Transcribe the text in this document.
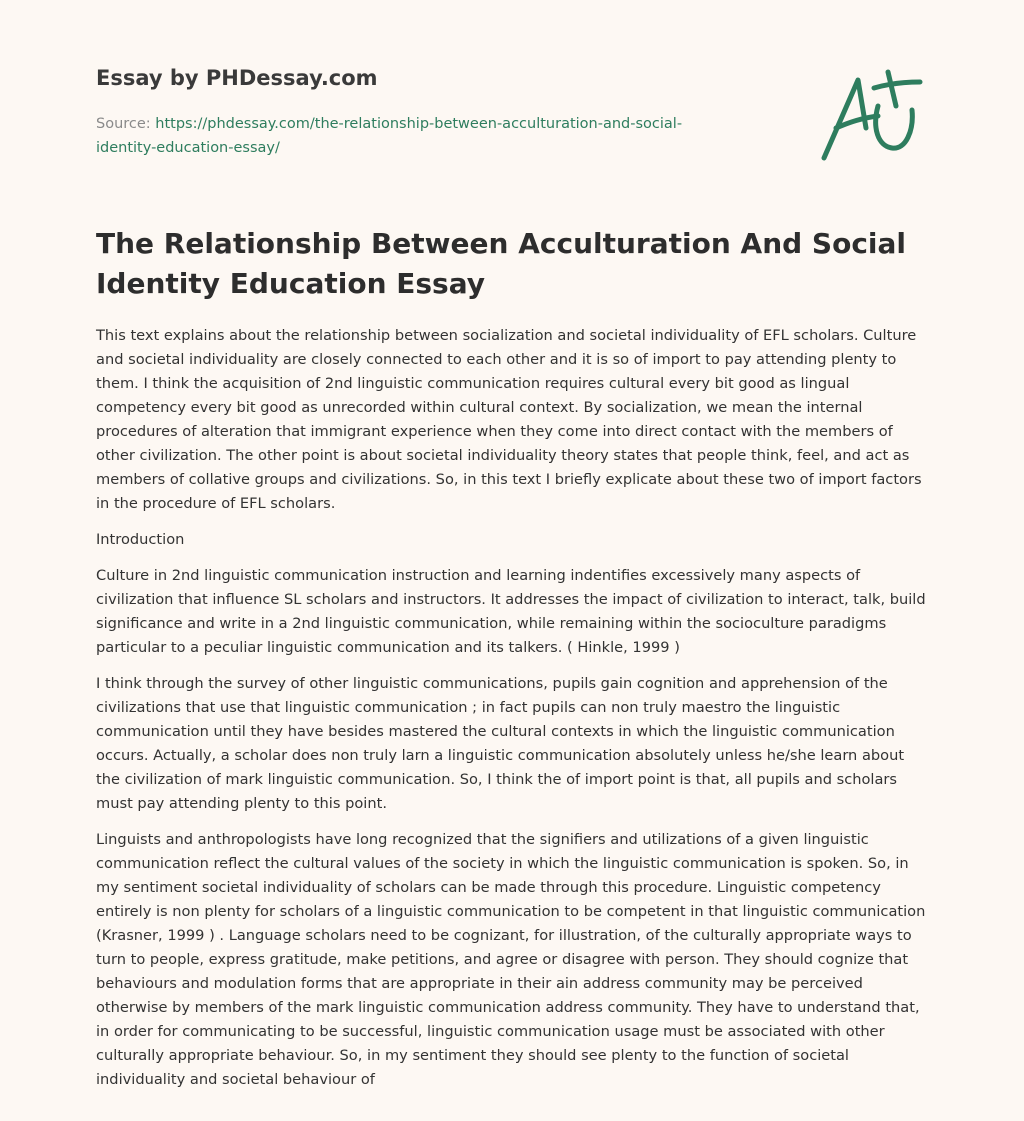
Essay by PHDessay.com
Source: https://phdessay.com/the-relationship-between-acculturation-and-social-identity-education-essay/
The Relationship Between Acculturation And Social Identity Education Essay

This text explains about the relationship between socialization and societal individuality of EFL scholars. Culture and societal individuality are closely connected to each other and it is so of import to pay attending plenty to them. I think the acquisition of 2nd linguistic communication requires cultural every bit good as lingual competency every bit good as unrecorded within cultural context. By socialization, we mean the internal procedures of alteration that immigrant experience when they come into direct contact with the members of other civilization. The other point is about societal individuality theory states that people think, feel, and act as members of collative groups and civilizations. So, in this text I briefly explicate about these two of import factors in the procedure of EFL scholars.

Introduction

Culture in 2nd linguistic communication instruction and learning indentifies excessively many aspects of civilization that influence SL scholars and instructors. It addresses the impact of civilization to interact, talk, build significance and write in a 2nd linguistic communication, while remaining within the socioculture paradigms particular to a peculiar linguistic communication and its talkers. ( Hinkle, 1999 )

I think through the survey of other linguistic communications, pupils gain cognition and apprehension of the civilizations that use that linguistic communication ; in fact pupils can non truly maestro the linguistic communication until they have besides mastered the cultural contexts in which the linguistic communication occurs. Actually, a scholar does non truly larn a linguistic communication absolutely unless he/she learn about the civilization of mark linguistic communication. So, I think the of import point is that, all pupils and scholars must pay attending plenty to this point.

Linguists and anthropologists have long recognized that the signifiers and utilizations of a given linguistic communication reflect the cultural values of the society in which the linguistic communication is spoken. So, in my sentiment societal individuality of scholars can be made through this procedure. Linguistic competency entirely is non plenty for scholars of a linguistic communication to be competent in that linguistic communication (Krasner, 1999 ) . Language scholars need to be cognizant, for illustration, of the culturally appropriate ways to turn to people, express gratitude, make petitions, and agree or disagree with person. They should cognize that behaviours and modulation forms that are appropriate in their ain address community may be perceived otherwise by members of the mark linguistic communication address community. They have to understand that, in order for communicating to be successful, linguistic communication usage must be associated with other culturally appropriate behaviour. So, in my sentiment they should see plenty to the function of societal individuality and societal behaviour of
